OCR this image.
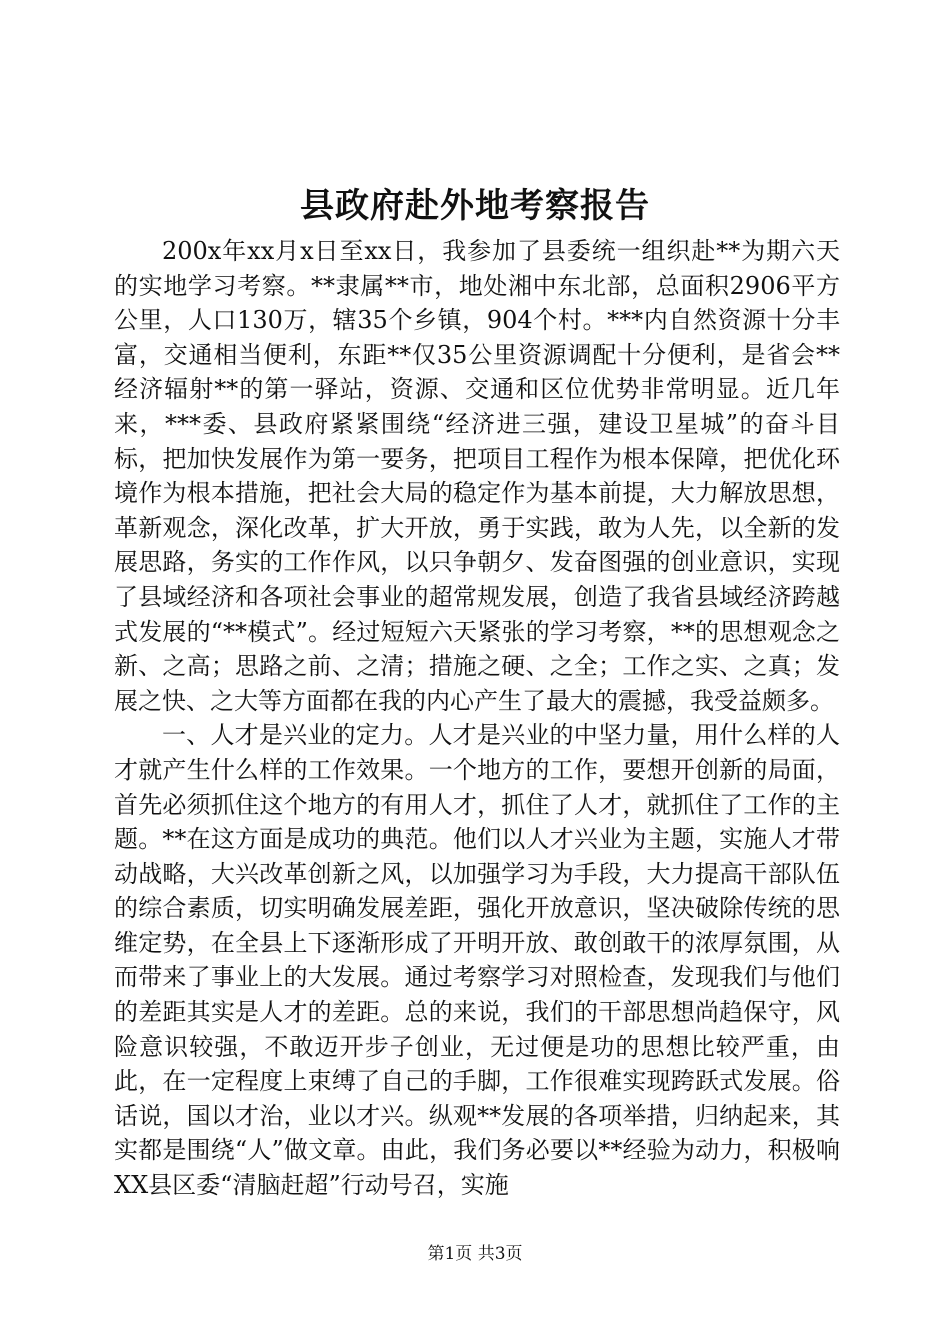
县政府赴外地考察报告

200x年xx月x日至xx日，我参加了县委统一组织赴**为期六天的实地学习考察。**隶属**市，地处湘中东北部，总面积2906平方公里，人口130万，辖35个乡镇，904个村。***内自然资源十分丰富，交通相当便利，东距**仅35公里资源调配十分便利，是省会**经济辐射**的第一驿站，资源、交通和区位优势非常明显。近几年来，***委、县政府紧紧围绕“经济进三强，建设卫星城”的奋斗目标，把加快发展作为第一要务，把项目工程作为根本保障，把优化环境作为根本措施，把社会大局的稳定作为基本前提，大力解放思想，革新观念，深化改革，扩大开放，勇于实践，敢为人先，以全新的发展思路，务实的工作作风，以只争朝夕、发奋图强的创业意识，实现了县域经济和各项社会事业的超常规发展，创造了我省县域经济跨越式发展的“**模式”。经过短短六天紧张的学习考察，**的思想观念之新、之高；思路之前、之清；措施之硬、之全；工作之实、之真；发展之快、之大等方面都在我的内心产生了最大的震撼，我受益颇多。

一、人才是兴业的定力。人才是兴业的中坚力量，用什么样的人才就产生什么样的工作效果。一个地方的工作，要想开创新的局面，首先必须抓住这个地方的有用人才，抓住了人才，就抓住了工作的主题。**在这方面是成功的典范。他们以人才兴业为主题，实施人才带动战略，大兴改革创新之风，以加强学习为手段，大力提高干部队伍的综合素质，切实明确发展差距，强化开放意识，坚决破除传统的思维定势，在全县上下逐渐形成了开明开放、敢创敢干的浓厚氛围，从而带来了事业上的大发展。通过考察学习对照检查，发现我们与他们的差距其实是人才的差距。总的来说，我们的干部思想尚趋保守，风险意识较强，不敢迈开步子创业，无过便是功的思想比较严重，由此，在一定程度上束缚了自己的手脚，工作很难实现跨跃式发展。俗话说，国以才治，业以才兴。纵观**发展的各项举措，归纳起来，其实都是围绕“人”做文章。由此，我们务必要以**经验为动力，积极响XX县区委“清脑赶超”行动号召，实施

第1页 共3页
